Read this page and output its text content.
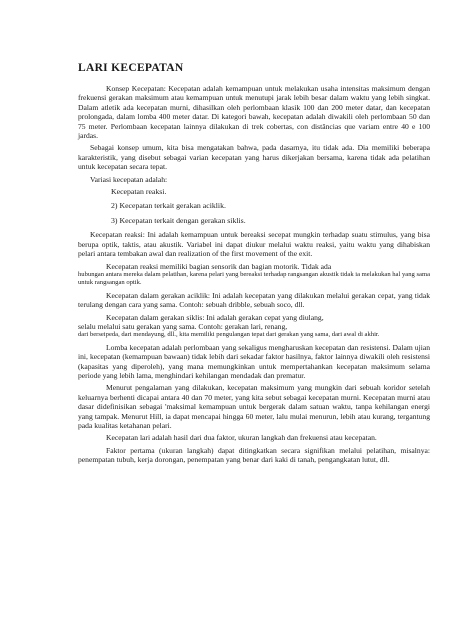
LARI KECEPATAN

Konsep Kecepatan: Kecepatan adalah kemampuan untuk melakukan usaha intensitas maksimum dengan frekuensi gerakan maksimum atau kemampuan untuk menutupi jarak lebih besar dalam waktu yang lebih singkat. Dalam atletik ada kecepatan murni, dihasilkan oleh perlombaan klasik 100 dan 200 meter datar, dan kecepatan prolongada, dalam lomba 400 meter datar. Di kategori bawah, kecepatan adalah diwakili oleh perlombaan 50 dan 75 meter. Perlombaan kecepatan lainnya dilakukan di trek cobertas, con distâncias que variam entre 40 e 100 jardas.

Sebagai konsep umum, kita bisa mengatakan bahwa, pada dasarnya, itu tidak ada. Dia memiliki beberapa karakteristik, yang disebut sebagai varian kecepatan yang harus dikerjakan bersama, karena tidak ada pelatihan untuk kecepatan secara tepat.

Variasi kecepatan adalah:

Kecepatan reaksi.

2) Kecepatan terkait gerakan aciklik.

3) Kecepatan terkait dengan gerakan siklis.

Kecepatan reaksi: Ini adalah kemampuan untuk bereaksi secepat mungkin terhadap suatu stimulus, yang bisa berupa optik, taktis, atau akustik. Variabel ini dapat diukur melalui waktu reaksi, yaitu waktu yang dihabiskan pelari antara tembakan awal dan realization of the first movement of the exit.

Kecepatan reaksi memiliki bagian sensorik dan bagian motorik. Tidak ada

hubungan antara mereka dalam pelatihan, karena pelari yang bereaksi terhadap rangsangan akustik tidak ia melakukan hal yang sama untuk rangsangan optik.

Kecepatan dalam gerakan aciklik: Ini adalah kecepatan yang dilakukan melalui gerakan cepat, yang tidak terulang dengan cara yang sama. Contoh: sebuah dribble, sebuah soco, dll.

Kecepatan dalam gerakan siklis: Ini adalah gerakan cepat yang diulang,

selalu melalui satu gerakan yang sama. Contoh: gerakan lari, renang,

dari berseipeda, dari mendayung, dll., kita memiliki pengulangan tepat dari gerakan yang sama, dari awal di akhir.

Lomba kecepatan adalah perlombaan yang sekaligus mengharuskan kecepatan dan resistensi. Dalam ujian ini, kecepatan (kemampuan bawaan) tidak lebih dari sekadar faktor hasilnya, faktor lainnya diwakili oleh resistensi (kapasitas yang diperoleh), yang mana memungkinkan untuk mempertahankan kecepatan maksimum selama periode yang lebih lama, menghindari kehilangan mendadak dan prematur.

Menurut pengalaman yang dilakukan, kecepatan maksimum yang mungkin dari sebuah koridor setelah keluarnya berhenti dicapai antara 40 dan 70 meter, yang kita sebut sebagai kecepatan murni. Kecepatan murni atau dasar didefinisikan sebagai 'maksimal kemampuan untuk bergerak dalam satuan waktu, tanpa kehilangan energi yang tampak. Menurut Hill, ia dapat mencapai hingga 60 meter, lalu mulai menurun, lebih atau kurang, tergantung pada kualitas ketahanan pelari.

Kecepatan lari adalah hasil dari dua faktor, ukuran langkah dan frekuensi atau kecepatan.

Faktor pertama (ukuran langkah) dapat ditingkatkan secara signifikan melalui pelatihan, misalnya: penempatan tubuh, kerja dorongan, penempatan yang benar dari kaki di tanah, pengangkatan lutut, dll.
